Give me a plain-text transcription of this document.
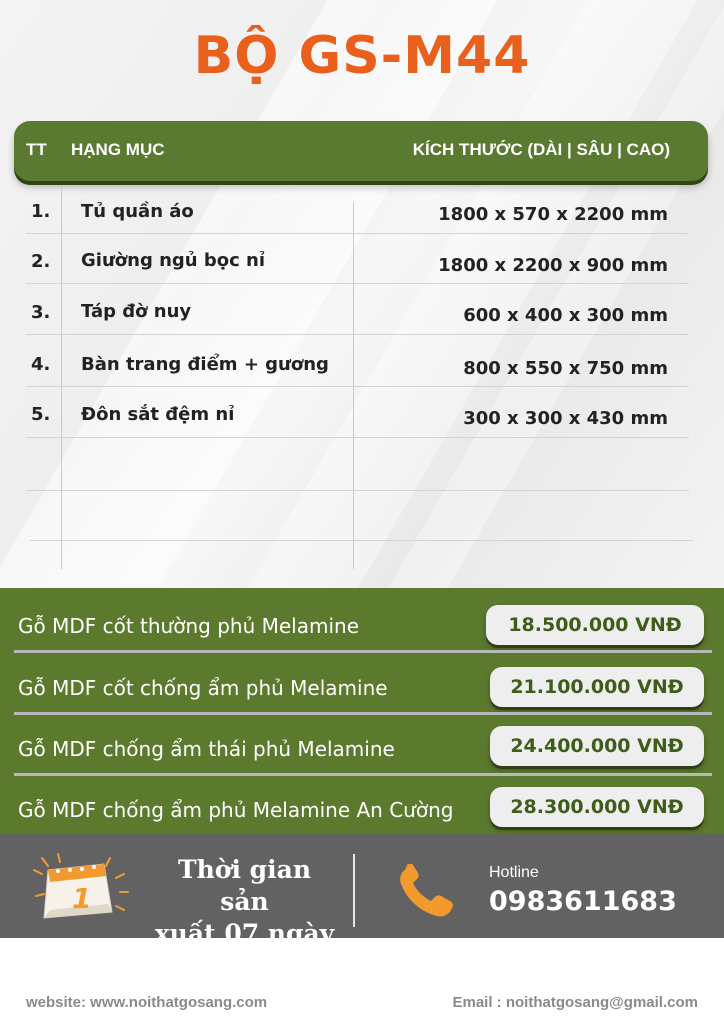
BỘ GS-M44
TT HẠNG MỤC	KÍCH THƯỚC (DÀI | SÂU | CAO)
1. Tủ quần áo	1800 x 570 x 2200 mm
2. Giường ngủ bọc nỉ	1800 x 2200 x 900 mm
3. Táp đờ nuy	600 x 400 x 300 mm
4. Bàn trang điểm + gương	800 x 550 x 750 mm
5. Đôn sắt đệm nỉ	300 x 300 x 430 mm
Gỗ MDF cốt thường phủ Melamine	18.500.000 VNĐ
Gỗ MDF cốt chống ẩm phủ Melamine	21.100.000 VNĐ
Gỗ MDF chống ẩm thái phủ Melamine	24.400.000 VNĐ
Gỗ MDF chống ẩm phủ Melamine An Cường	28.300.000 VNĐ
1
Thời gian sản
xuất 07 ngày
Hotline
0983611683
website: www.noithatgosang.com	Email : noithatgosang@gmail.com
